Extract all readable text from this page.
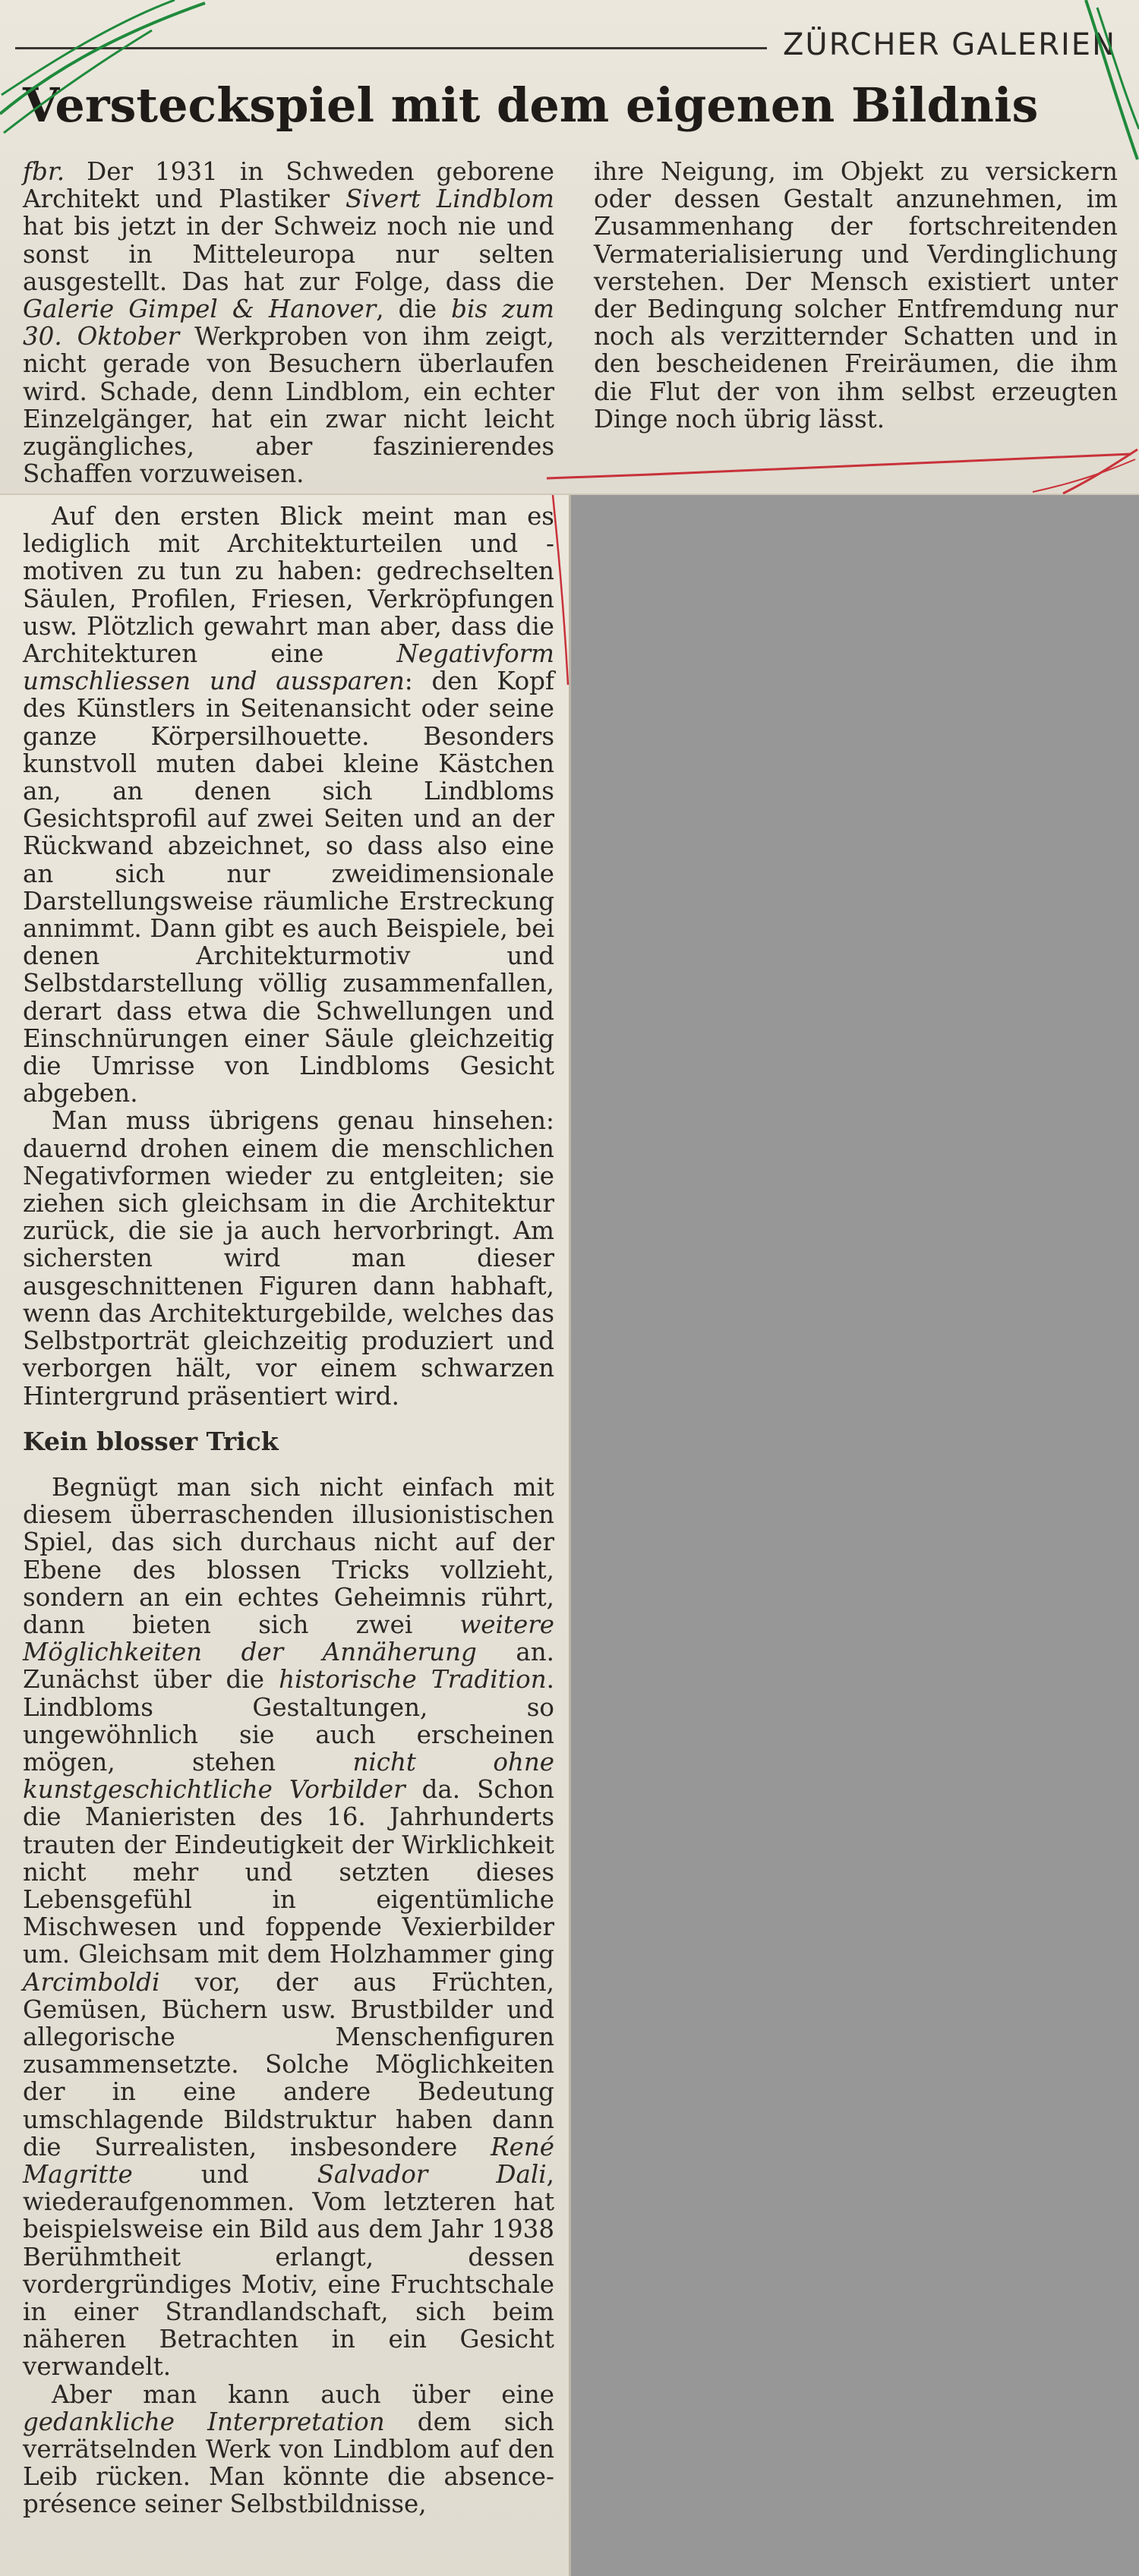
ZÜRCHER GALERIEN
Versteckspiel mit dem eigenen Bildnis

fbr. Der 1931 in Schweden geborene Architekt und Plastiker Sivert Lindblom hat bis jetzt in der Schweiz noch nie und sonst in Mitteleuropa nur selten ausgestellt. Das hat zur Folge, dass die Galerie Gimpel & Hanover, die bis zum 30. Oktober Werkproben von ihm zeigt, nicht gerade von Besuchern überlaufen wird. Schade, denn Lindblom, ein echter Einzelgänger, hat ein zwar nicht leicht zugängliches, aber faszinierendes Schaffen vorzuweisen.

ihre Neigung, im Objekt zu versickern oder dessen Gestalt anzunehmen, im Zusammenhang der fortschreitenden Vermaterialisierung und Verdinglichung verstehen. Der Mensch existiert unter der Bedingung solcher Entfremdung nur noch als verzitternder Schatten und in den bescheidenen Freiräumen, die ihm die Flut der von ihm selbst erzeugten Dinge noch übrig lässt.

Auf den ersten Blick meint man es lediglich mit Architekturteilen und -motiven zu tun zu haben: gedrechselten Säulen, Profilen, Friesen, Verkröpfungen usw. Plötzlich gewahrt man aber, dass die Architekturen eine Negativform umschliessen und aussparen: den Kopf des Künstlers in Seitenansicht oder seine ganze Körpersilhouette. Besonders kunstvoll muten dabei kleine Kästchen an, an denen sich Lindbloms Gesichtsprofil auf zwei Seiten und an der Rückwand abzeichnet, so dass also eine an sich nur zweidimensionale Darstellungsweise räumliche Erstreckung annimmt. Dann gibt es auch Beispiele, bei denen Architekturmotiv und Selbstdarstellung völlig zusammenfallen, derart dass etwa die Schwellungen und Einschnürungen einer Säule gleichzeitig die Umrisse von Lindbloms Gesicht abgeben.

Man muss übrigens genau hinsehen: dauernd drohen einem die menschlichen Negativformen wieder zu entgleiten; sie ziehen sich gleichsam in die Architektur zurück, die sie ja auch hervorbringt. Am sichersten wird man dieser ausgeschnittenen Figuren dann habhaft, wenn das Architekturgebilde, welches das Selbstporträt gleichzeitig produziert und verborgen hält, vor einem schwarzen Hintergrund präsentiert wird.

Kein blosser Trick

Begnügt man sich nicht einfach mit diesem überraschenden illusionistischen Spiel, das sich durchaus nicht auf der Ebene des blossen Tricks vollzieht, sondern an ein echtes Geheimnis rührt, dann bieten sich zwei weitere Möglichkeiten der Annäherung an. Zunächst über die historische Tradition. Lindbloms Gestaltungen, so ungewöhnlich sie auch erscheinen mögen, stehen nicht ohne kunstgeschichtliche Vorbilder da. Schon die Manieristen des 16. Jahrhunderts trauten der Eindeutigkeit der Wirklichkeit nicht mehr und setzten dieses Lebensgefühl in eigentümliche Mischwesen und foppende Vexierbilder um. Gleichsam mit dem Holzhammer ging Arcimboldi vor, der aus Früchten, Gemüsen, Büchern usw. Brustbilder und allegorische Menschenfiguren zusammensetzte. Solche Möglichkeiten der in eine andere Bedeutung umschlagende Bildstruktur haben dann die Surrealisten, insbesondere René Magritte und Salvador Dali, wiederaufgenommen. Vom letzteren hat beispielsweise ein Bild aus dem Jahr 1938 Berühmtheit erlangt, dessen vordergründiges Motiv, eine Fruchtschale in einer Strandlandschaft, sich beim näheren Betrachten in ein Gesicht verwandelt.

Aber man kann auch über eine gedankliche Interpretation dem sich verrätselnden Werk von Lindblom auf den Leib rücken. Man könnte die absence-présence seiner Selbstbildnisse,
